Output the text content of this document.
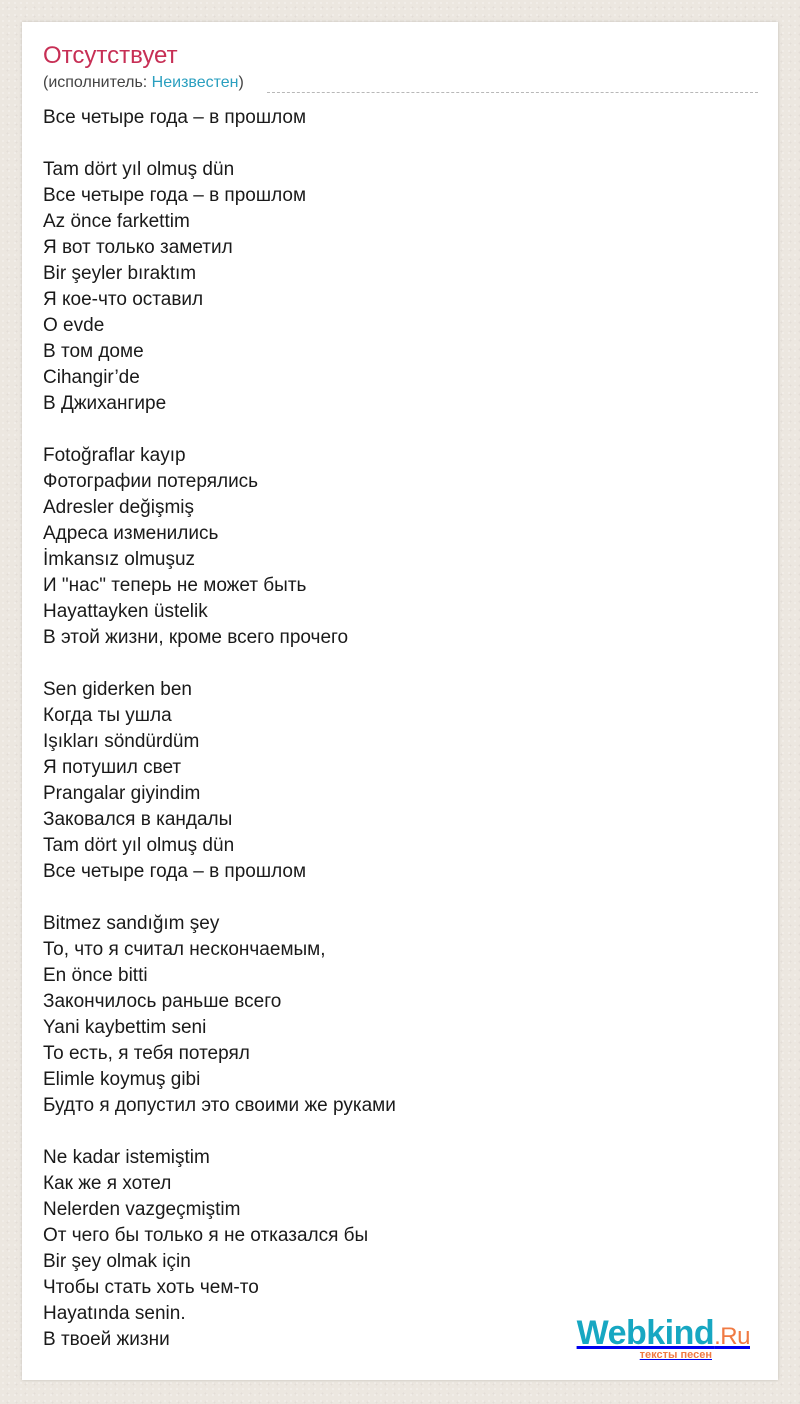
Отсутствует
(исполнитель: Неизвестен)
Все четыре года – в прошлом
Tam dört yıl olmuş dün
Все четыре года – в прошлом
Az önce farkettim
Я вот только заметил
Bir şeyler bıraktım
Я кое-что оставил
O evde
В том доме
Cihangir’de
В Джихангире
Fotoğraflar kayıp
Фотографии потерялись
Adresler değişmiş
Адреса изменились
İmkansız olmuşuz
И "нас" теперь не может быть
Hayattayken üstelik
В этой жизни, кроме всего прочего
Sen giderken ben
Когда ты ушла
Işıkları söndürdüm
Я потушил свет
Prangalar giyindim
Заковался в кандалы
Tam dört yıl olmuş dün
Все четыре года – в прошлом
Bitmez sandığım şey
То, что я считал нескончаемым,
En önce bitti
Закончилось раньше всего
Yani kaybettim seni
То есть, я тебя потерял
Elimle koymuş gibi
Будто я допустил это своими же руками
Ne kadar istemiştim
Как же я хотел
Nelerden vazgeçmiştim
От чего бы только я не отказался бы
Bir şey olmak için
Чтобы стать хоть чем-то
Hayatında senin.
В твоей жизни	Webkind.Ru
тексты песен
